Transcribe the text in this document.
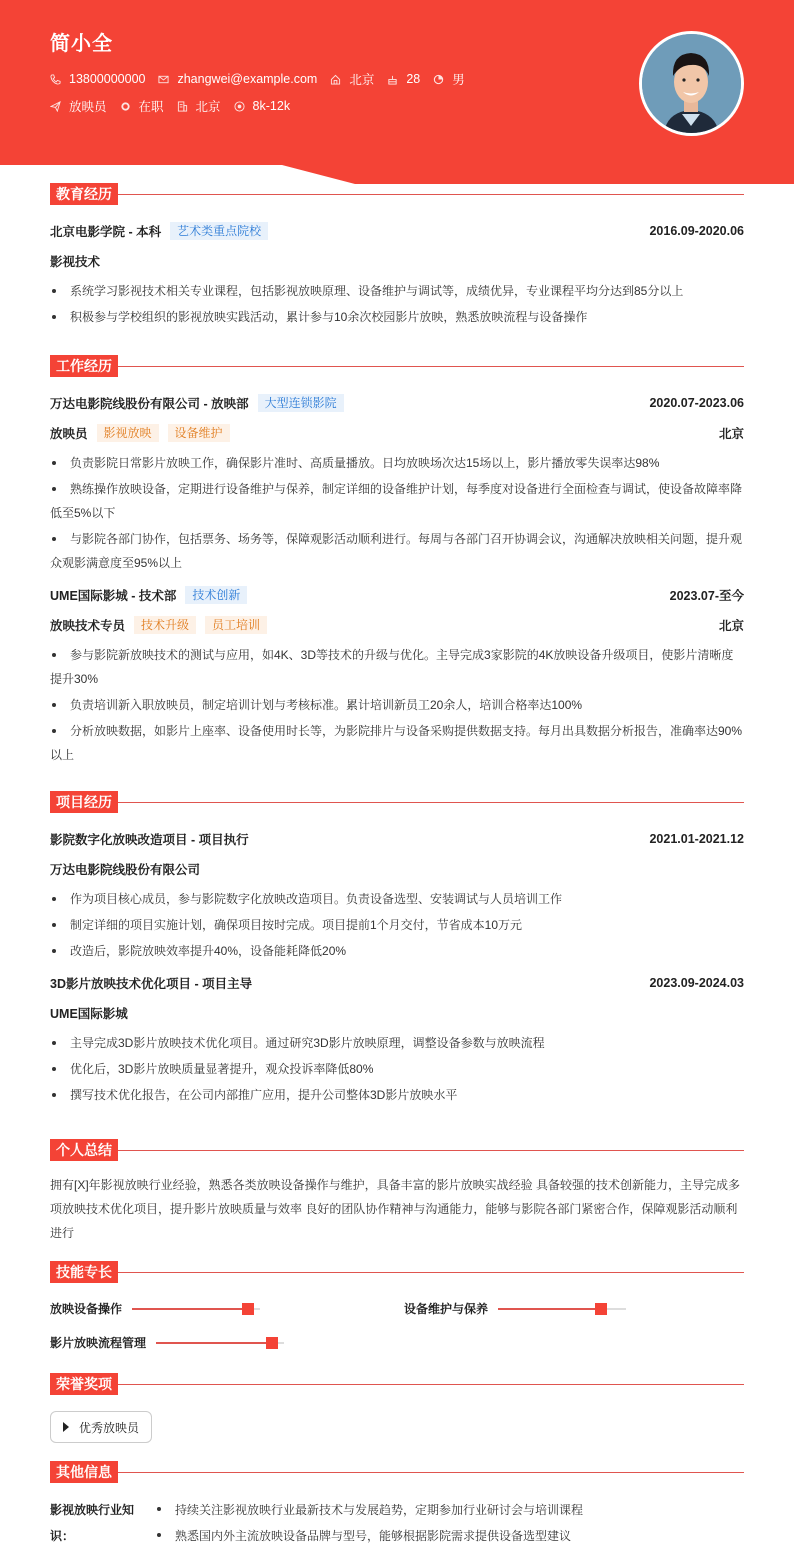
简小全
13800000000	zhangwei@example.com	北京	28	男
放映员	在职	北京	8k-12k
教育经历
北京电影学院 - 本科	艺术类重点院校	2016.09-2020.06
影视技术
系统学习影视技术相关专业课程，包括影视放映原理、设备维护与调试等，成绩优异，专业课程平均分达到85分以上
积极参与学校组织的影视放映实践活动，累计参与10余次校园影片放映，熟悉放映流程与设备操作
工作经历
万达电影院线股份有限公司 - 放映部	大型连锁影院	2020.07-2023.06
放映员	影视放映	设备维护	北京
负责影院日常影片放映工作，确保影片准时、高质量播放。日均放映场次达15场以上，影片播放零失误率达98%
熟练操作放映设备，定期进行设备维护与保养，制定详细的设备维护计划，每季度对设备进行全面检查与调试，使设备故障率降低至5%以下
与影院各部门协作，包括票务、场务等，保障观影活动顺利进行。每周与各部门召开协调会议，沟通解决放映相关问题，提升观众观影满意度至95%以上
UME国际影城 - 技术部	技术创新	2023.07-至今
放映技术专员	技术升级	员工培训	北京
参与影院新放映技术的测试与应用，如4K、3D等技术的升级与优化。主导完成3家影院的4K放映设备升级项目，使影片清晰度提升30%
负责培训新入职放映员，制定培训计划与考核标准。累计培训新员工20余人，培训合格率达100%
分析放映数据，如影片上座率、设备使用时长等，为影院排片与设备采购提供数据支持。每月出具数据分析报告，准确率达90%以上
项目经历
影院数字化放映改造项目 - 项目执行	2021.01-2021.12
万达电影院线股份有限公司
作为项目核心成员，参与影院数字化放映改造项目。负责设备选型、安装调试与人员培训工作
制定详细的项目实施计划，确保项目按时完成。项目提前1个月交付，节省成本10万元
改造后，影院放映效率提升40%，设备能耗降低20%
3D影片放映技术优化项目 - 项目主导	2023.09-2024.03
UME国际影城
主导完成3D影片放映技术优化项目。通过研究3D影片放映原理，调整设备参数与放映流程
优化后，3D影片放映质量显著提升，观众投诉率降低80%
撰写技术优化报告，在公司内部推广应用，提升公司整体3D影片放映水平
个人总结
拥有[X]年影视放映行业经验，熟悉各类放映设备操作与维护，具备丰富的影片放映实战经验 具备较强的技术创新能力，主导完成多项放映技术优化项目，提升影片放映质量与效率 良好的团队协作精神与沟通能力，能够与影院各部门紧密合作，保障观影活动顺利进行
技能专长
放映设备操作	设备维护与保养
影片放映流程管理
荣誉奖项
优秀放映员
其他信息
影视放映行业知识：
持续关注影视放映行业最新技术与发展趋势，定期参加行业研讨会与培训课程
熟悉国内外主流放映设备品牌与型号，能够根据影院需求提供设备选型建议
